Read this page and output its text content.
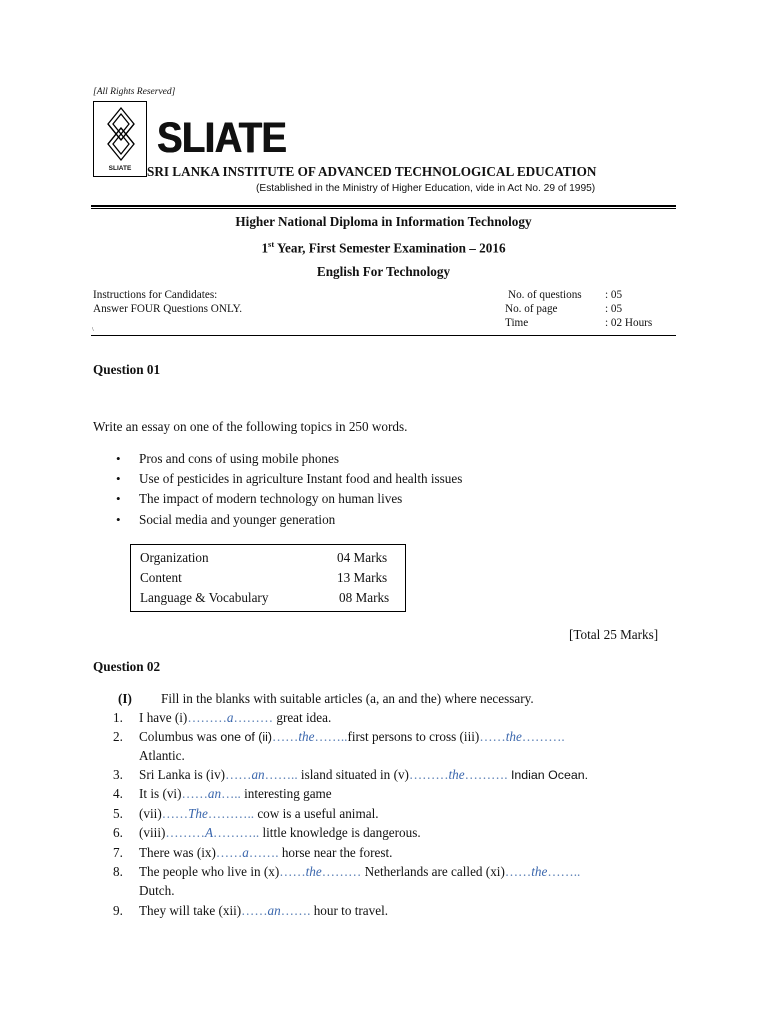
[All Rights Reserved]
SLIATE
SLIATE
SRI LANKA INSTITUTE OF ADVANCED TECHNOLOGICAL EDUCATION
(Established in the Ministry of Higher Education, vide in Act No. 29 of 1995)
Higher National Diploma in Information Technology
1st Year, First Semester Examination – 2016
English For Technology
Instructions for Candidates:
Answer FOUR Questions ONLY.
\
No. of questions : 05
No. of page	: 05
Time	: 02 Hours
Question 01
Write an essay on one of the following topics in 250 words.
• Pros and cons of using mobile phones
• Use of pesticides in agriculture Instant food and health issues
• The impact of modern technology on human lives
• Social media and younger generation
Organization	04 Marks
Content	13 Marks
Language & Vocabulary	08 Marks
[Total 25 Marks]
Question 02
(I) Fill in the blanks with suitable articles (a, an and the) where necessary.
1. I have (i)………a……… great idea.
2. Columbus was one of (ii)……the……..first persons to cross (iii)……the……….
Atlantic.
3. Sri Lanka is (iv)……an…….. island situated in (v)………the………. Indian Ocean.
4. It is (vi)……an….. interesting game
5. (vii)……The……….. cow is a useful animal.
6. (viii)………A……….. little knowledge is dangerous.
7. There was (ix)……a……. horse near the forest.
8. The people who live in (x)……the……… Netherlands are called (xi)……the……..
Dutch.
9. They will take (xii)……an……. hour to travel.
